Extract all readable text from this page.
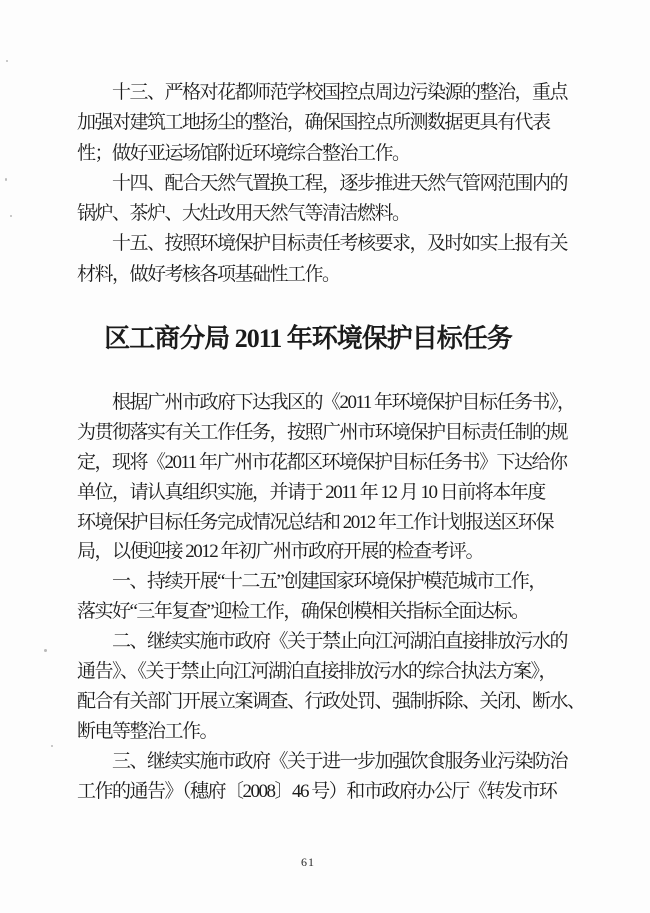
十三、严格对花都师范学校国控点周边污染源的整治，重点
加强对建筑工地扬尘的整治，确保国控点所测数据更具有代表
性；做好亚运场馆附近环境综合整治工作。
十四、配合天然气置换工程，逐步推进天然气管网范围内的
锅炉、茶炉、大灶改用天然气等清洁燃料。
十五、按照环境保护目标责任考核要求，及时如实上报有关
材料，做好考核各项基础性工作。
区工商分局 2011 年环境保护目标任务
根据广州市政府下达我区的《2011 年环境保护目标任务书》，
为贯彻落实有关工作任务，按照广州市环境保护目标责任制的规
定，现将《2011 年广州市花都区环境保护目标任务书》下达给你
单位，请认真组织实施，并请于 2011 年 12 月 10 日前将本年度
环境保护目标任务完成情况总结和 2012 年工作计划报送区环保
局，以便迎接 2012 年初广州市政府开展的检查考评。
一、持续开展“十二五”创建国家环境保护模范城市工作，
落实好“三年复查”迎检工作，确保创模相关指标全面达标。
二、继续实施市政府《关于禁止向江河湖泊直接排放污水的
通告》、《关于禁止向江河湖泊直接排放污水的综合执法方案》，
配合有关部门开展立案调查、行政处罚、强制拆除、关闭、断水、
断电等整治工作。
三、继续实施市政府《关于进一步加强饮食服务业污染防治
工作的通告》（穗府〔2008〕46 号）和市政府办公厅《转发市环
61
